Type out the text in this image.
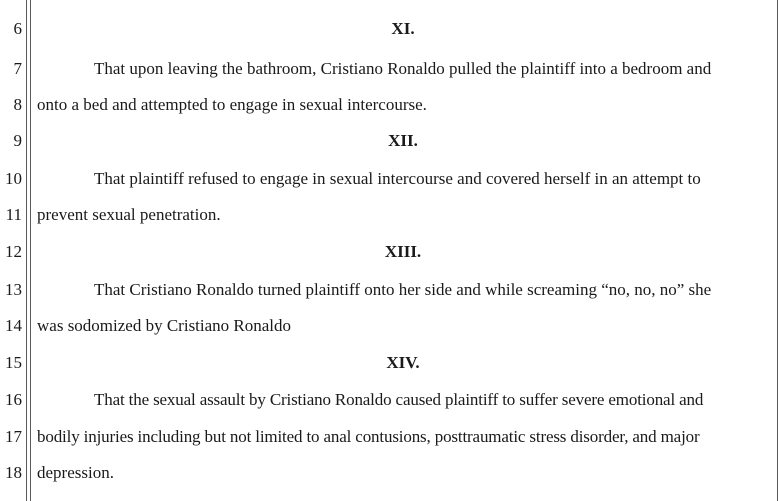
6	XI.
7	That upon leaving the bathroom, Cristiano Ronaldo pulled the plaintiff into a bedroom and
8 onto a bed and attempted to engage in sexual intercourse.
9	XII.
10	That plaintiff refused to engage in sexual intercourse and covered herself in an attempt to
11 prevent sexual penetration.
12	XIII.
13	That Cristiano Ronaldo turned plaintiff onto her side and while screaming “no, no, no” she
14 was sodomized by Cristiano Ronaldo
15	XIV.
16	That the sexual assault by Cristiano Ronaldo caused plaintiff to suffer severe emotional and
17 bodily injuries including but not limited to anal contusions, posttraumatic stress disorder, and major
18 depression.
